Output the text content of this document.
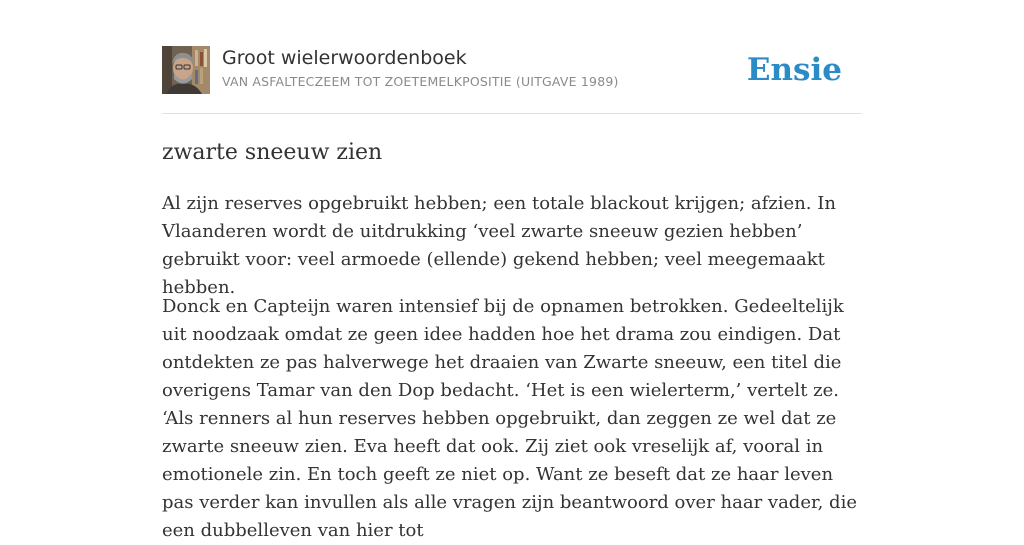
Groot wielerwoordenboek
VAN ASFALTECZEEM TOT ZOETEMELKPOSITIE (UITGAVE 1989)	Ensie
zwarte sneeuw zien

Al zijn reserves opgebruikt hebben; een totale blackout krijgen; afzien. In Vlaanderen wordt de uitdrukking ‘veel zwarte sneeuw gezien hebben’ gebruikt voor: veel armoede (ellende) gekend hebben; veel meegemaakt hebben.

Donck en Capteijn waren intensief bij de opnamen betrokken. Gedeeltelijk uit noodzaak omdat ze geen idee hadden hoe het drama zou eindigen. Dat ontdekten ze pas halverwege het draaien van Zwarte sneeuw, een titel die overigens Tamar van den Dop bedacht. ‘Het is een wielerterm,’ vertelt ze. ‘Als renners al hun reserves hebben opgebruikt, dan zeggen ze wel dat ze zwarte sneeuw zien. Eva heeft dat ook. Zij ziet ook vreselijk af, vooral in emotionele zin. En toch geeft ze niet op. Want ze beseft dat ze haar leven pas verder kan invullen als alle vragen zijn beantwoord over haar vader, die een dubbelleven van hier tot
